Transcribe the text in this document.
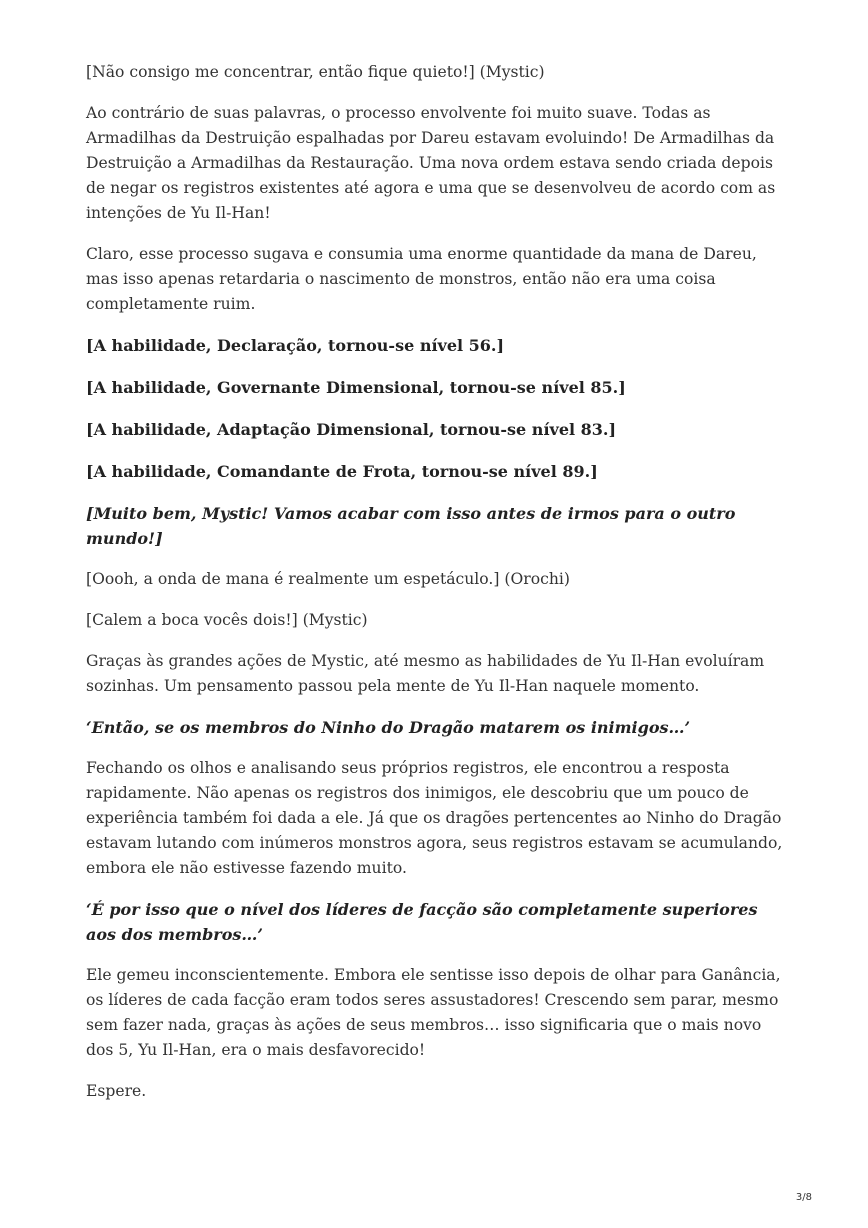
[Não consigo me concentrar, então fique quieto!] (Mystic)

Ao contrário de suas palavras, o processo envolvente foi muito suave. Todas as Armadilhas da Destruição espalhadas por Dareu estavam evoluindo! De Armadilhas da Destruição a Armadilhas da Restauração. Uma nova ordem estava sendo criada depois de negar os registros existentes até agora e uma que se desenvolveu de acordo com as intenções de Yu Il-Han!

Claro, esse processo sugava e consumia uma enorme quantidade da mana de Dareu, mas isso apenas retardaria o nascimento de monstros, então não era uma coisa completamente ruim.

[A habilidade, Declaração, tornou-se nível 56.]

[A habilidade, Governante Dimensional, tornou-se nível 85.]

[A habilidade, Adaptação Dimensional, tornou-se nível 83.]

[A habilidade, Comandante de Frota, tornou-se nível 89.]

[Muito bem, Mystic! Vamos acabar com isso antes de irmos para o outro mundo!]

[Oooh, a onda de mana é realmente um espetáculo.] (Orochi)

[Calem a boca vocês dois!] (Mystic)

Graças às grandes ações de Mystic, até mesmo as habilidades de Yu Il-Han evoluíram sozinhas. Um pensamento passou pela mente de Yu Il-Han naquele momento.

‘Então, se os membros do Ninho do Dragão matarem os inimigos…’

Fechando os olhos e analisando seus próprios registros, ele encontrou a resposta rapidamente. Não apenas os registros dos inimigos, ele descobriu que um pouco de experiência também foi dada a ele. Já que os dragões pertencentes ao Ninho do Dragão estavam lutando com inúmeros monstros agora, seus registros estavam se acumulando, embora ele não estivesse fazendo muito.

‘É por isso que o nível dos líderes de facção são completamente superiores aos dos membros…’

Ele gemeu inconscientemente. Embora ele sentisse isso depois de olhar para Ganância, os líderes de cada facção eram todos seres assustadores! Crescendo sem parar, mesmo sem fazer nada, graças às ações de seus membros… isso significaria que o mais novo dos 5, Yu Il-Han, era o mais desfavorecido!

Espere.

3/8
